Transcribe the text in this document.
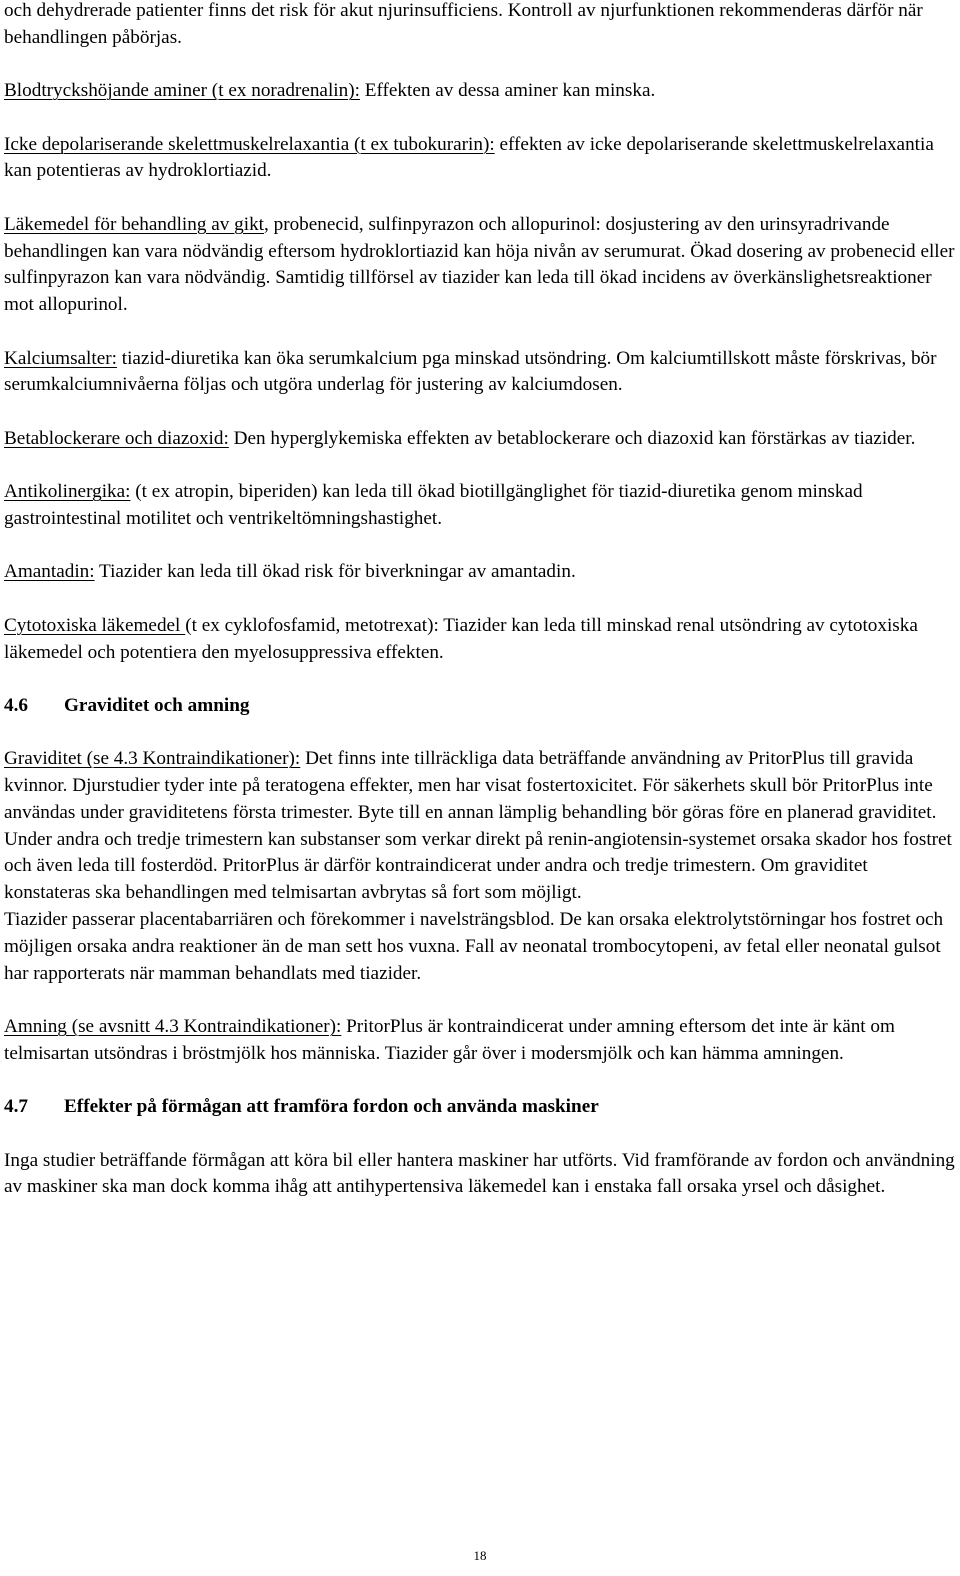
och dehydrerade patienter finns det risk för akut njurinsufficiens. Kontroll av njurfunktionen rekommenderas därför när behandlingen påbörjas.

Blodtryckshöjande aminer (t ex noradrenalin): Effekten av dessa aminer kan minska.

Icke depolariserande skelettmuskelrelaxantia (t ex tubokurarin): effekten av icke depolariserande skelettmuskelrelaxantia kan potentieras av hydroklortiazid.

Läkemedel för behandling av gikt, probenecid, sulfinpyrazon och allopurinol: dosjustering av den urinsyradrivande behandlingen kan vara nödvändig eftersom hydroklortiazid kan höja nivån av serumurat. Ökad dosering av probenecid eller sulfinpyrazon kan vara nödvändig. Samtidig tillförsel av tiazider kan leda till ökad incidens av överkänslighetsreaktioner mot allopurinol.

Kalciumsalter: tiazid-diuretika kan öka serumkalcium pga minskad utsöndring. Om kalciumtillskott måste förskrivas, bör serumkalciumnivåerna följas och utgöra underlag för justering av kalciumdosen.

Betablockerare och diazoxid: Den hyperglykemiska effekten av betablockerare och diazoxid kan förstärkas av tiazider.

Antikolinergika: (t ex atropin, biperiden) kan leda till ökad biotillgänglighet för tiazid-diuretika genom minskad gastrointestinal motilitet och ventrikeltömningshastighet.

Amantadin: Tiazider kan leda till ökad risk för biverkningar av amantadin.

Cytotoxiska läkemedel (t ex cyklofosfamid, metotrexat): Tiazider kan leda till minskad renal utsöndring av cytotoxiska läkemedel och potentiera den myelosuppressiva effekten.

4.6 Graviditet och amning

Graviditet (se 4.3 Kontraindikationer): Det finns inte tillräckliga data beträffande användning av PritorPlus till gravida kvinnor. Djurstudier tyder inte på teratogena effekter, men har visat fostertoxicitet. För säkerhets skull bör PritorPlus inte användas under graviditetens första trimester. Byte till en annan lämplig behandling bör göras före en planerad graviditet.

Under andra och tredje trimestern kan substanser som verkar direkt på renin-angiotensin-systemet orsaka skador hos fostret och även leda till fosterdöd. PritorPlus är därför kontraindicerat under andra och tredje trimestern. Om graviditet konstateras ska behandlingen med telmisartan avbrytas så fort som möjligt.

Tiazider passerar placentabarriären och förekommer i navelsträngsblod. De kan orsaka elektrolytstörningar hos fostret och möjligen orsaka andra reaktioner än de man sett hos vuxna. Fall av neonatal trombocytopeni, av fetal eller neonatal gulsot har rapporterats när mamman behandlats med tiazider.

Amning (se avsnitt 4.3 Kontraindikationer): PritorPlus är kontraindicerat under amning eftersom det inte är känt om telmisartan utsöndras i bröstmjölk hos människa. Tiazider går över i modersmjölk och kan hämma amningen.

4.7 Effekter på förmågan att framföra fordon och använda maskiner

Inga studier beträffande förmågan att köra bil eller hantera maskiner har utförts. Vid framförande av fordon och användning av maskiner ska man dock komma ihåg att antihypertensiva läkemedel kan i enstaka fall orsaka yrsel och dåsighet.

18
